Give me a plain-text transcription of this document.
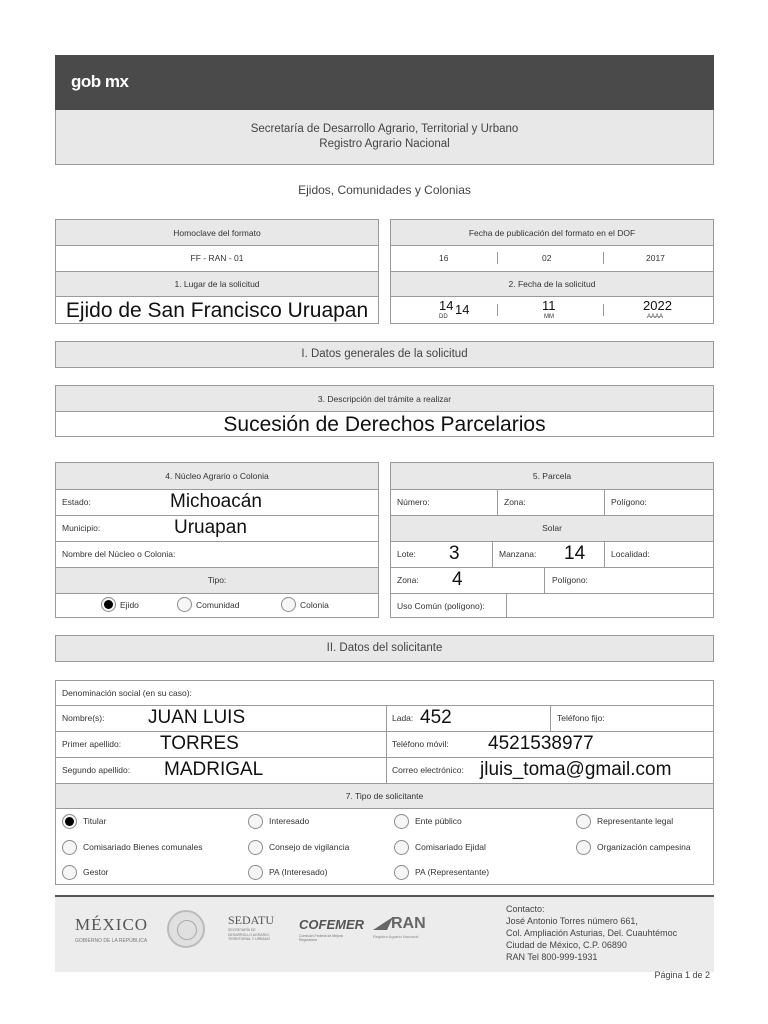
gob mx
Secretaría de Desarrollo Agrario, Territorial y Urbano
Registro Agrario Nacional
Ejidos, Comunidades y Colonias
Homoclave del formato
FF - RAN - 01
1. Lugar de la solicitud
Ejido de San Francisco Uruapan
Fecha de publicación del formato en el DOF
16	02	2017
2. Fecha de la solicitud
14 14
DD
11
MM
2022
AAAA
I. Datos generales de la solicitud
3. Descripción del trámite a realizar
Sucesión de Derechos Parcelarios
4. Núcleo Agrario o Colonia
Estado:	Michoacán
Municipio:	Uruapan
Nombre del Núcleo o Colonia:
Tipo:
Ejido	Comunidad	Colonia
5. Parcela
Número:	Zona:	Polígono:
Solar
Lote: 3	Manzana: 14	Localidad:
Zona: 4	Polígono:
Uso Común (polígono):
II. Datos del solicitante
Denominación social (en su caso):
Nombre(s): JUAN LUIS	Lada: 452	Teléfono fijo:
Primer apellido: TORRES	Teléfono móvil: 4521538977
Segundo apellido: MADRIGAL	Correo electrónico: jluis_toma@gmail.com
7. Tipo de solicitante
Titular	Interesado	Ente público	Representante legal
Comisariado Bienes comunales	Consejo de vigilancia	Comisariado Ejidal	Organización campesina
Gestor	PA (Interesado)	PA (Representante)
MÉXICO
GOBIERNO DE LA REPÚBLICA
SEDATU
SECRETARÍA DE DESARROLLO AGRARIO, TERRITORIAL Y URBANO
COFEMER
Comisión Federal de Mejora Regulatoria
RAN
Registro Agrario Nacional
Contacto:
José Antonio Torres número 661,
Col. Ampliación Asturias, Del. Cuauhtémoc
Ciudad de México, C.P. 06890
RAN Tel 800-999-1931
Página 1 de 2
